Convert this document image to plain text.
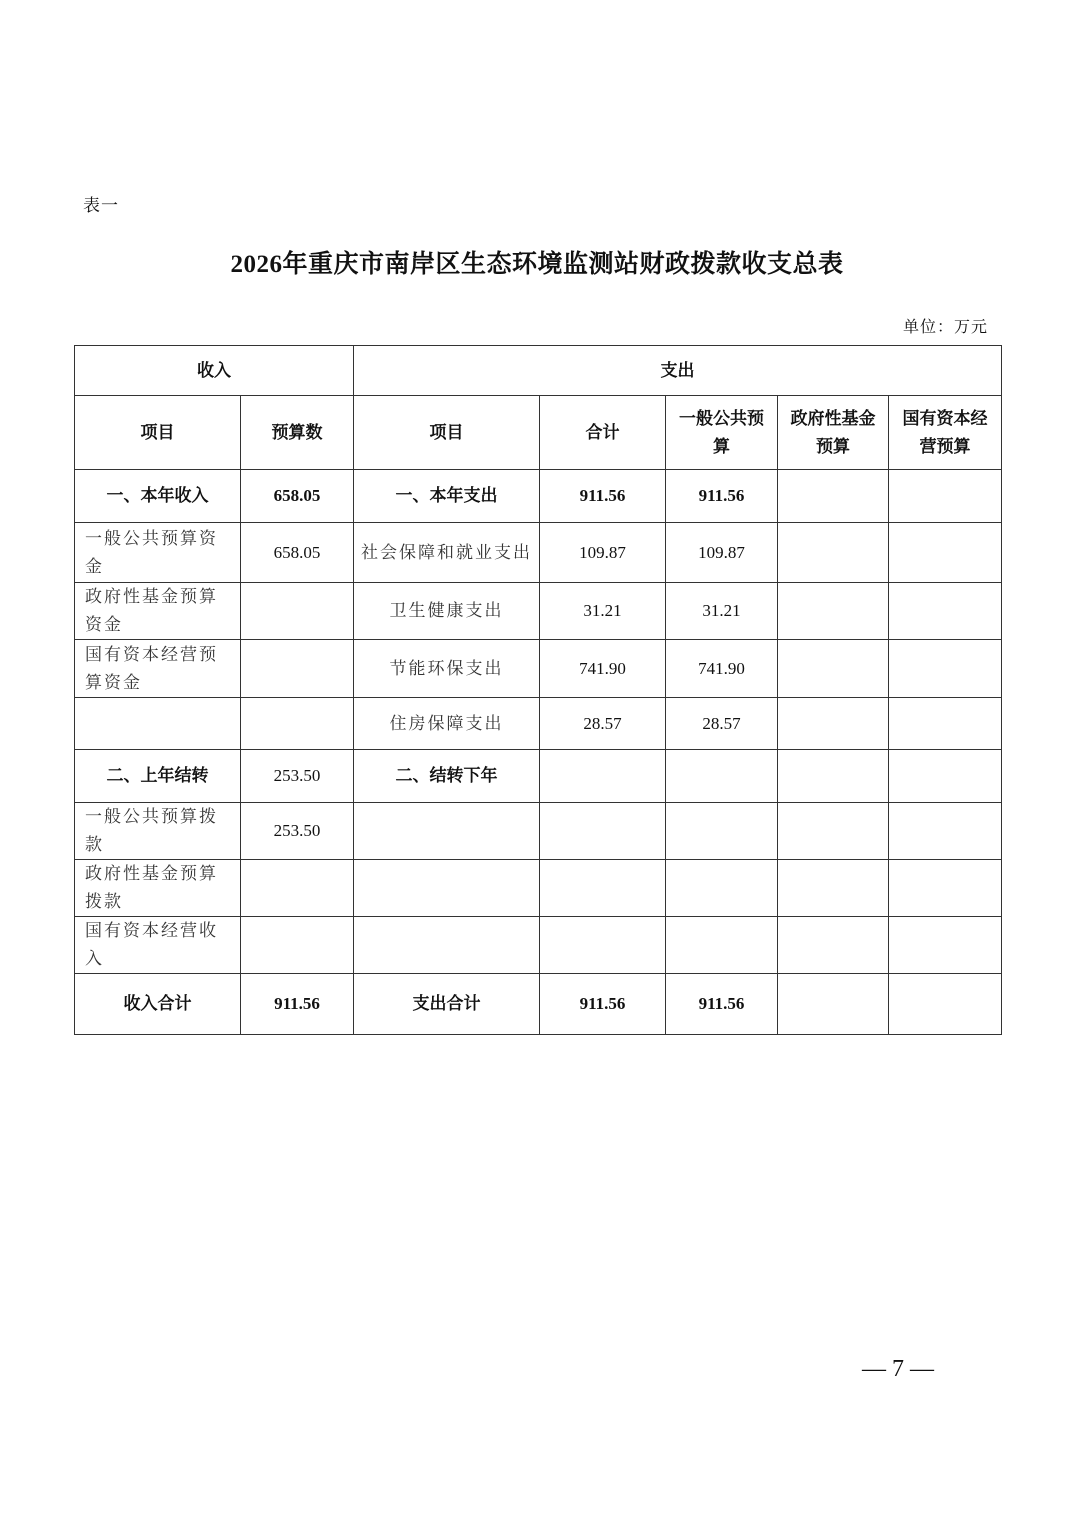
表一
2026年重庆市南岸区生态环境监测站财政拨款收支总表
单位：万元
收入		支出				
项目	预算数	项目	合计	一般公共预算	政府性基金预算	国有资本经营预算
一、本年收入	658.05	一、本年支出	911.56	911.56		
一般公共预算资金	658.05	社会保障和就业支出	109.87	109.87		
政府性基金预算资金		卫生健康支出	31.21	31.21		
国有资本经营预算资金		节能环保支出	741.90	741.90		
		住房保障支出	28.57	28.57		
二、上年结转	253.50	二、结转下年				
一般公共预算拨款	253.50					
政府性基金预算拨款						
国有资本经营收入						
收入合计	911.56	支出合计	911.56	911.56		
— 7 —
